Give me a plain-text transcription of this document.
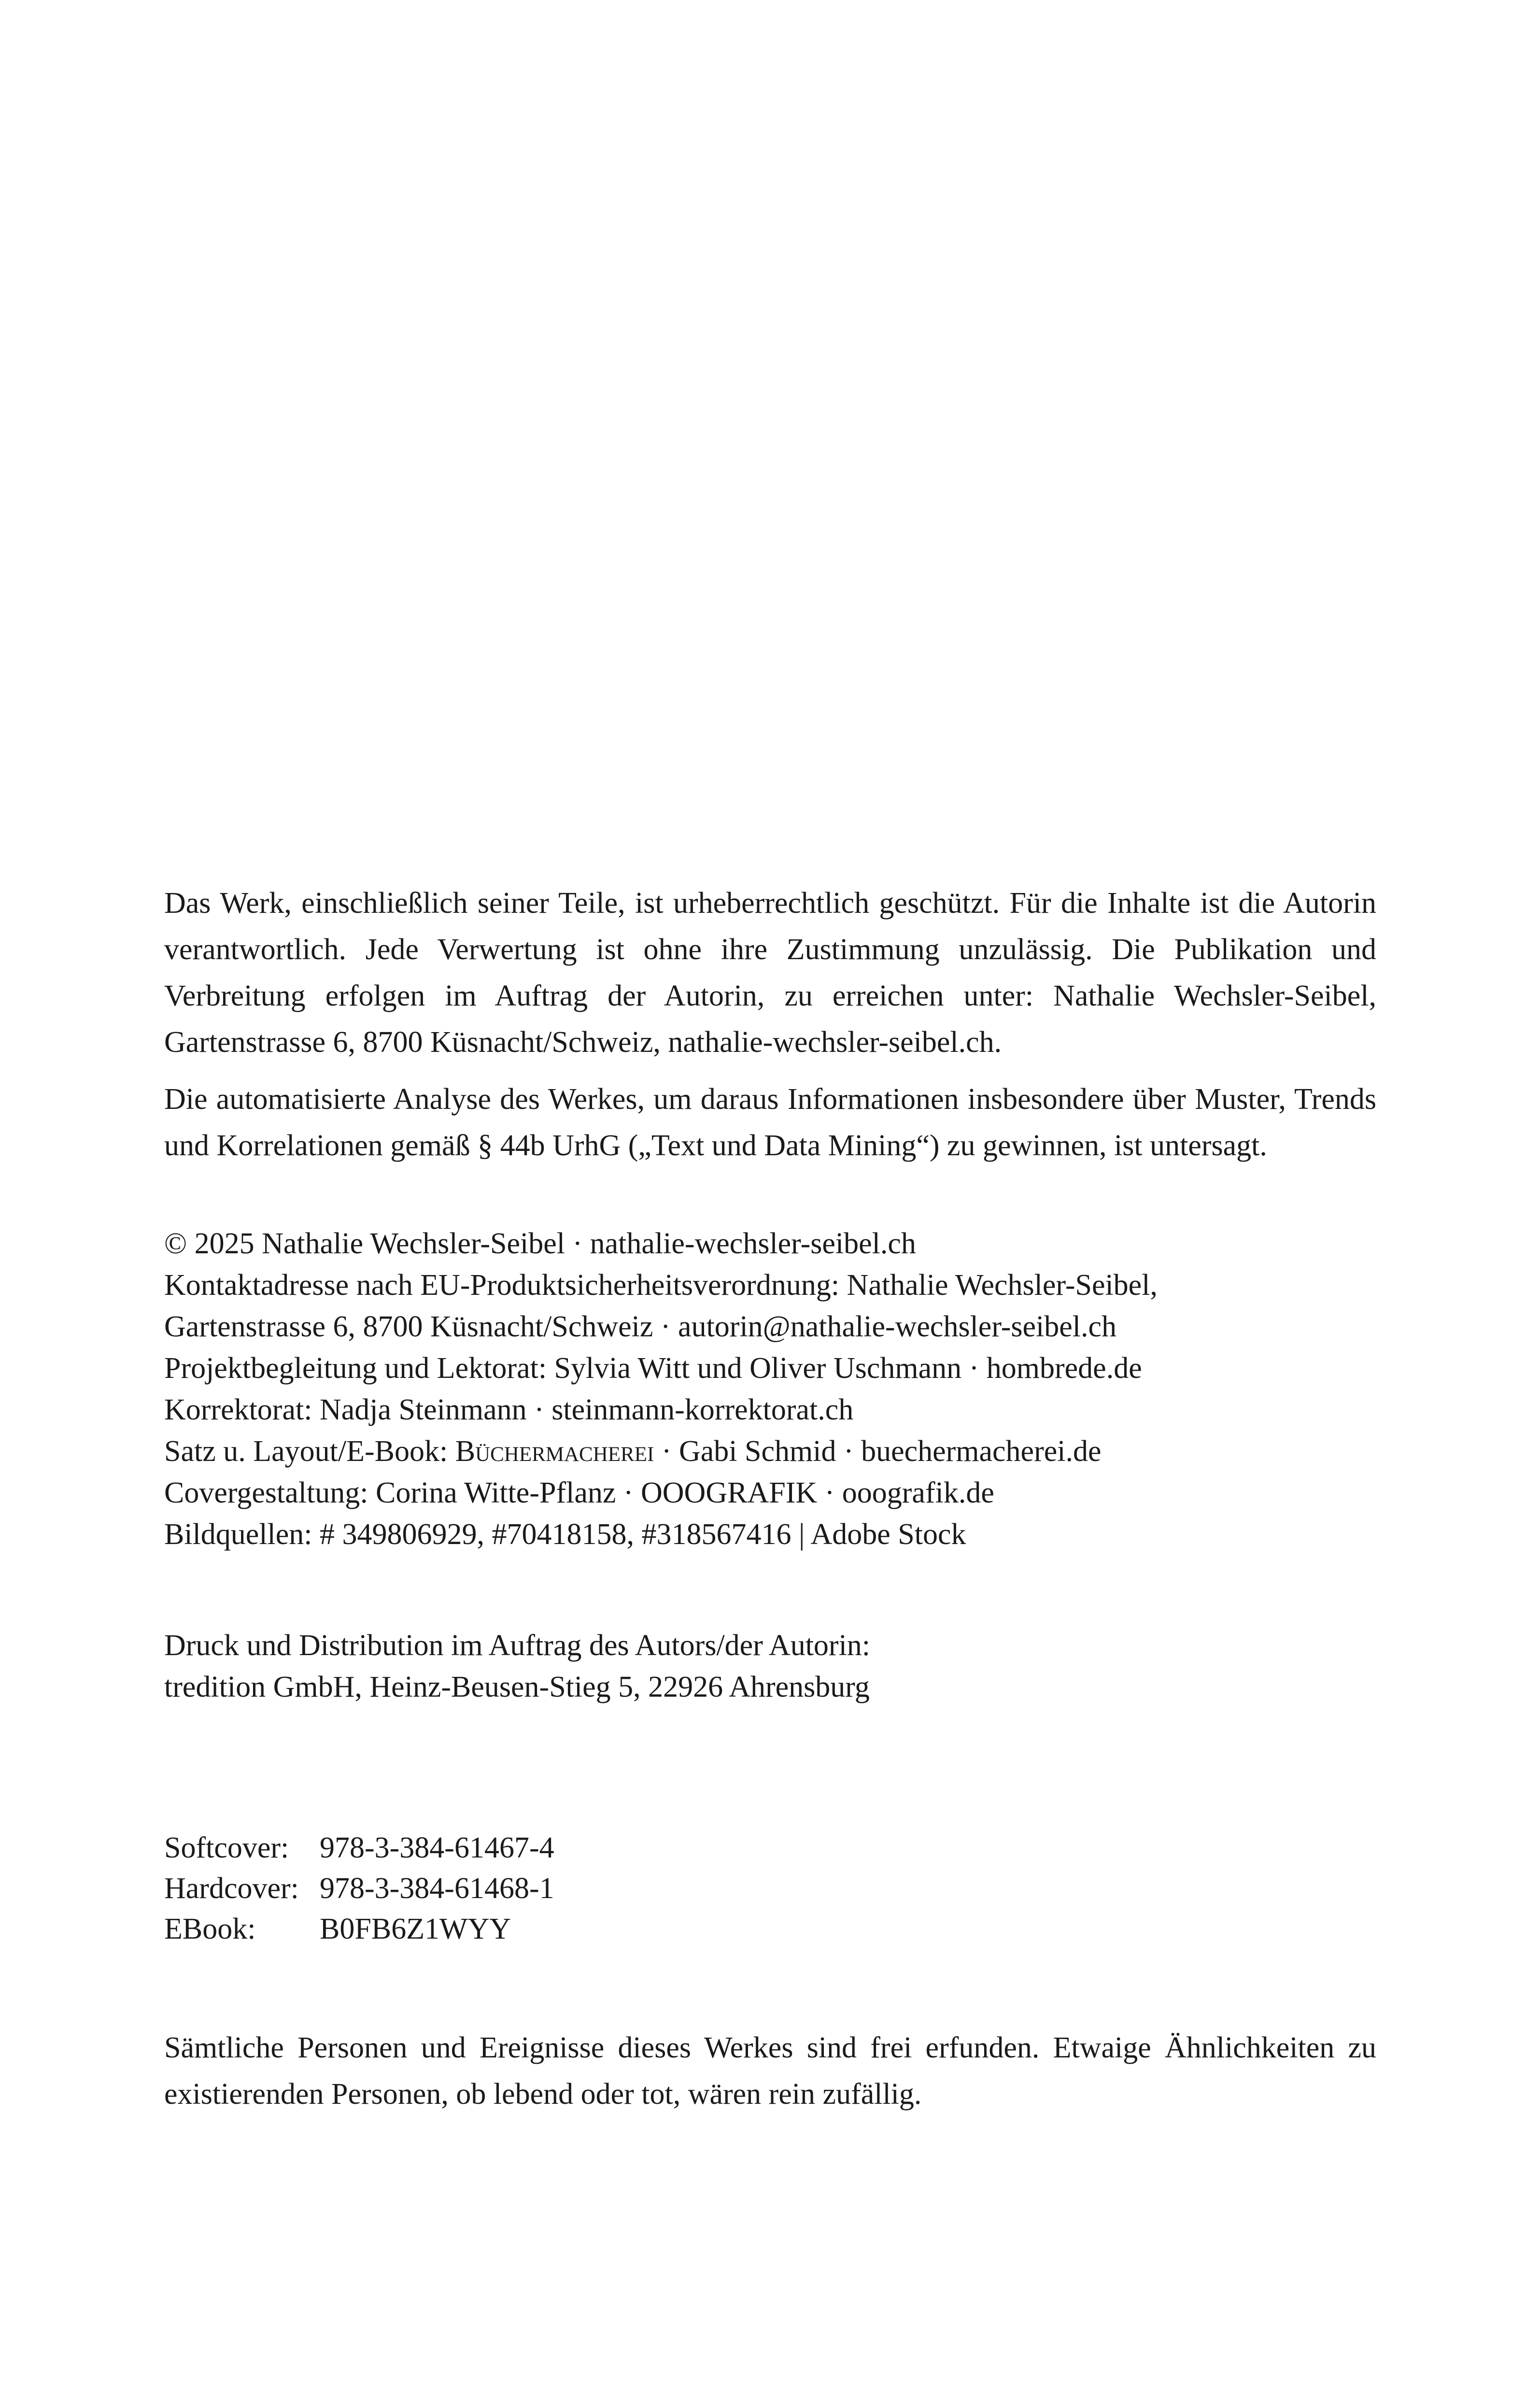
Das Werk, einschließlich seiner Teile, ist urheberrechtlich geschützt. Für die Inhalte ist die Autorin verantwortlich. Jede Verwertung ist ohne ihre Zustimmung unzulässig. Die Publikation und Verbreitung erfolgen im Auftrag der Autorin, zu erreichen unter: Nathalie Wechsler-Seibel, Gartenstrasse 6, 8700 Küsnacht/Schweiz, nathalie-wechsler-seibel.ch.

Die automatisierte Analyse des Werkes, um daraus Informationen insbesondere über Muster, Trends und Korrelationen gemäß § 44b UrhG („Text und Data Mining“) zu gewinnen, ist untersagt.

© 2025 Nathalie Wechsler-Seibel · nathalie-wechsler-seibel.ch

Kontaktadresse nach EU-Produktsicherheitsverordnung: Nathalie Wechsler-Seibel,

Gartenstrasse 6, 8700 Küsnacht/Schweiz · autorin@nathalie-wechsler-seibel.ch

Projektbegleitung und Lektorat: Sylvia Witt und Oliver Uschmann · hombrede.de

Korrektorat: Nadja Steinmann · steinmann-korrektorat.ch

Satz u. Layout/E-Book: Büchermacherei · Gabi Schmid · buechermacherei.de

Covergestaltung: Corina Witte-Pflanz · OOOGRAFIK · ooografik.de

Bildquellen: # 349806929, #70418158, #318567416 | Adobe Stock

Druck und Distribution im Auftrag des Autors/der Autorin:

tredition GmbH, Heinz-Beusen-Stieg 5, 22926 Ahrensburg

Softcover:	978-3-384-61467-4
Hardcover: 978-3-384-61468-1
EBook:	B0FB6Z1WYY

Sämtliche Personen und Ereignisse dieses Werkes sind frei erfunden. Etwaige Ähnlichkeiten zu existierenden Personen, ob lebend oder tot, wären rein zufällig.
